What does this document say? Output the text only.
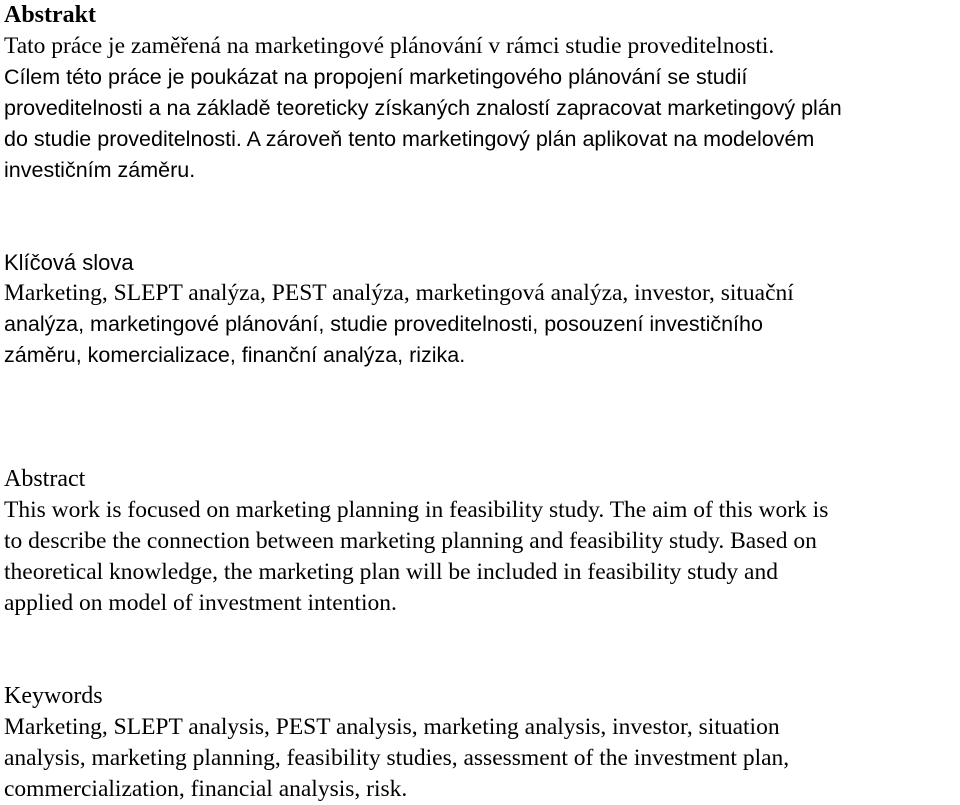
Abstrakt

Tato práce je zaměřená na marketingové plánování v rámci studie proveditelnosti.
Cílem této práce je poukázat na propojení marketingového plánování se studií
proveditelnosti a na základě teoreticky získaných znalostí zapracovat marketingový plán
do studie proveditelnosti. A zároveň tento marketingový plán aplikovat na modelovém
investičním záměru.

Klíčová slova

Marketing, SLEPT analýza, PEST analýza, marketingová analýza, investor, situační
analýza, marketingové plánování, studie proveditelnosti, posouzení investičního
záměru, komercializace, finanční analýza, rizika.

Abstract

This work is focused on marketing planning in feasibility study. The aim of this work is
to describe the connection between marketing planning and feasibility study. Based on
theoretical knowledge, the marketing plan will be included in feasibility study and
applied on model of investment intention.

Keywords

Marketing, SLEPT analysis, PEST analysis, marketing analysis, investor, situation
analysis, marketing planning, feasibility studies, assessment of the investment plan,
commercialization, financial analysis, risk.
